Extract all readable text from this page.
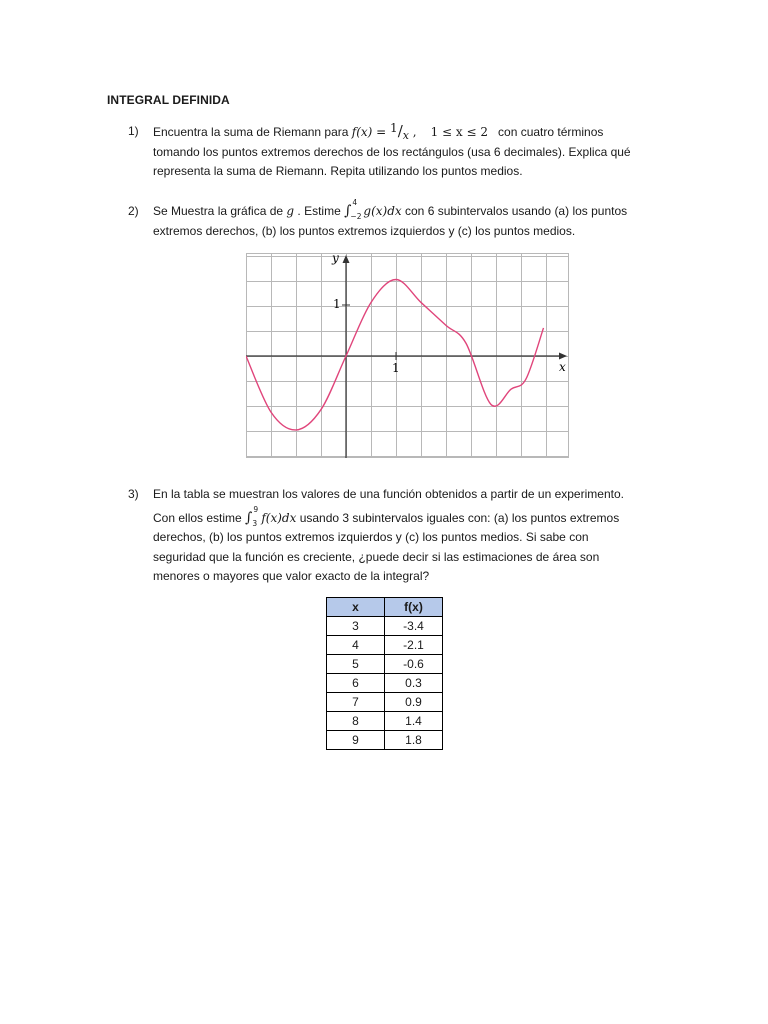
INTEGRAL DEFINIDA
1) Encuentra la suma de Riemann para f(x) = 1/x , 1 ≤ x ≤ 2 con cuatro términos
tomando los puntos extremos derechos de los rectángulos (usa 6 decimales). Explica qué
representa la suma de Riemann. Repita utilizando los puntos medios.
2) Se Muestra la gráfica de g . Estime ∫
4
−2 g(x)dx con 6 subintervalos usando (a) los puntos
extremos derechos, (b) los puntos extremos izquierdos y (c) los puntos medios.
y
x
1
1
3) En la tabla se muestran los valores de una función obtenidos a partir de un experimento.
Con ellos estime ∫
9
3 f(x)dx usando 3 subintervalos iguales con: (a) los puntos extremos
derechos, (b) los puntos extremos izquierdos y (c) los puntos medios. Si sabe con
seguridad que la función es creciente, ¿puede decir si las estimaciones de área son
menores o mayores que valor exacto de la integral?
x	f(x)
3	-3.4
4	-2.1
5	-0.6
6	0.3
7	0.9
8	1.4
9	1.8
